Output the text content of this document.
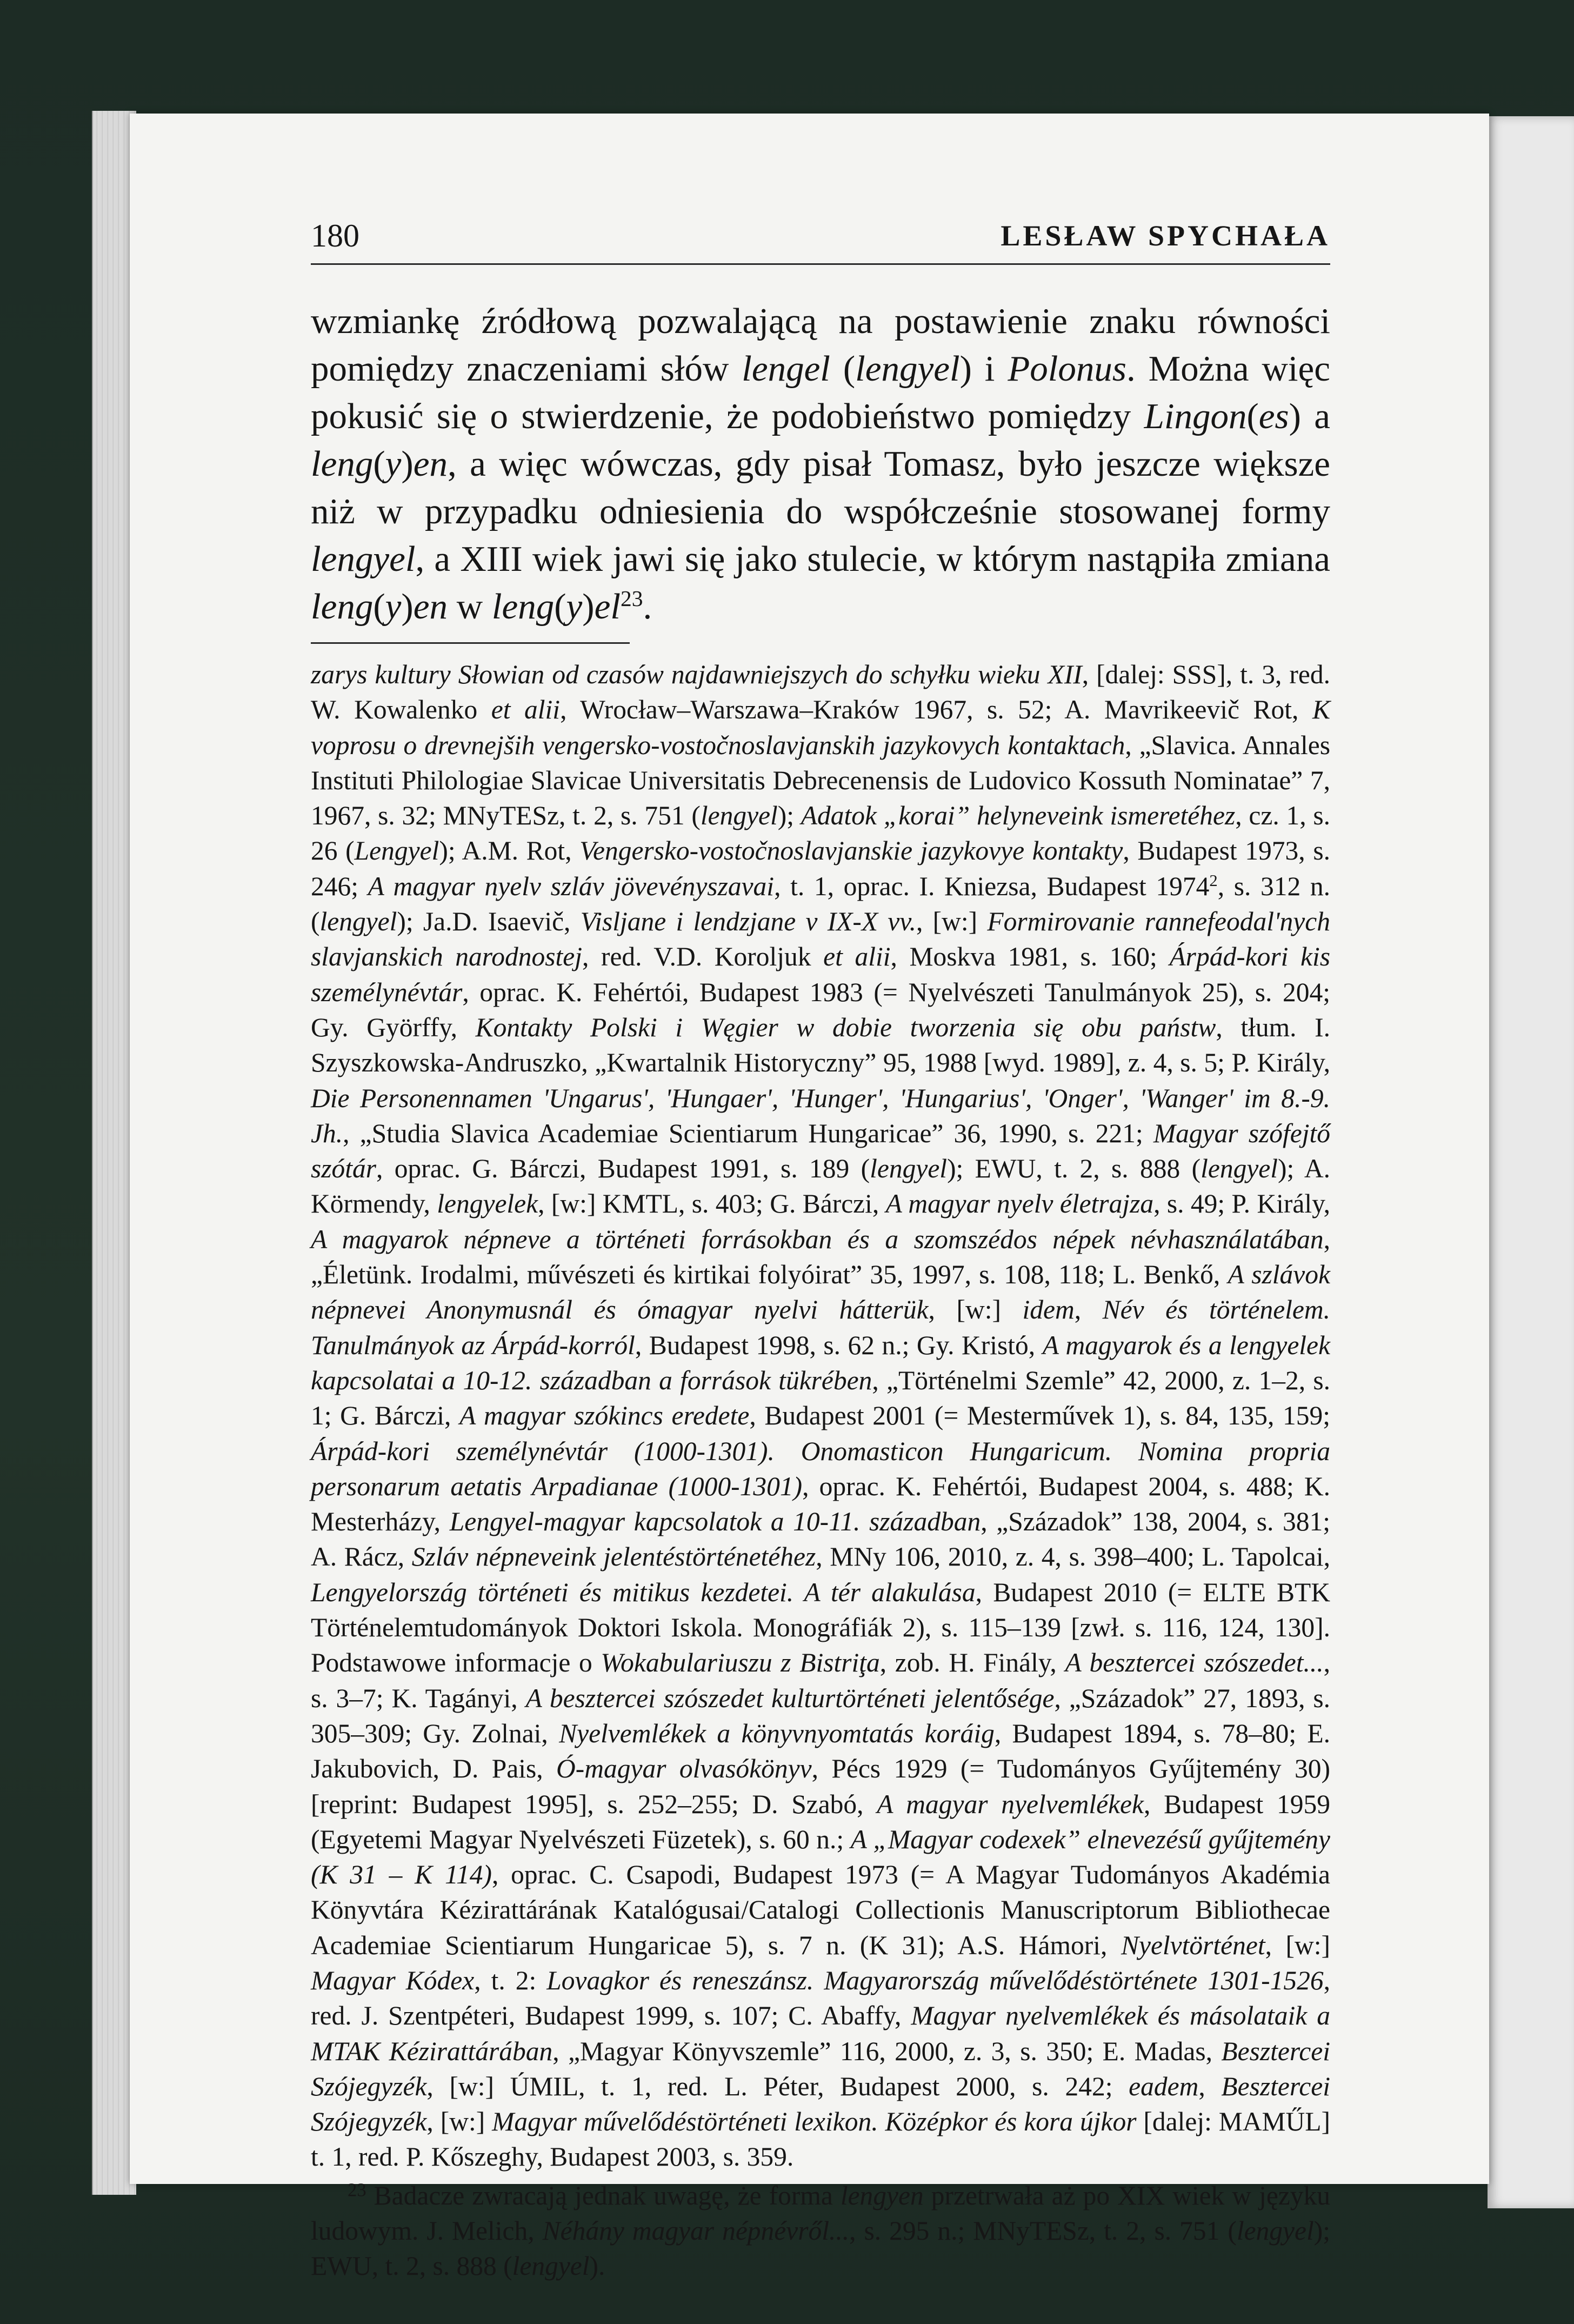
180	LESŁAW SPYCHAŁA

wzmiankę źródłową pozwalającą na postawienie znaku równości pomiędzy znaczeniami słów lengel (lengyel) i Polonus. Można więc pokusić się o stwierdzenie, że podobieństwo pomiędzy Lingon(es) a leng(y)en, a więc wówczas, gdy pisał Tomasz, było jeszcze większe niż w przypadku odniesienia do współcześnie stosowanej formy lengyel, a XIII wiek jawi się jako stulecie, w którym nastąpiła zmiana leng(y)en w $leng(y)el^{23}$.

zarys kultury Słowian od czasów najdawniejszych do schyłku wieku XII, [dalej: SSS], t. 3, red. W. Kowalenko et alii, Wrocław–Warszawa–Kraków 1967, s. 52; A. Mavrikeevič Rot, K voprosu o drevnejših vengersko-vostočnoslavjanskih jazykovych kontaktach, „Slavica. Annales Instituti Philologiae Slavicae Universitatis Debrecenensis de Ludovico Kossuth Nominatae” 7, 1967, s. 32; MNyTESz, t. 2, s. 751 (lengyel); Adatok „korai” helyneveink ismeretéhez, cz. 1, s. 26 (Lengyel); A.M. Rot, Vengersko-vostočnoslavjanskie jazykovye kontakty, Budapest 1973, s. 246; A magyar nyelv szláv jövevényszavai, t. 1, oprac. I. Kniezsa, Budapest 1974$^2$, s. 312 n. (lengyel); Ja.D. Isaevič, Visljane i lendzjane v IX-X vv., [w:] Formirovanie rannefeodal'nych slavjanskich narodnostej, red. V.D. Koroljuk et alii, Moskva 1981, s. 160; Árpád-kori kis személynévtár, oprac. K. Fehértói, Budapest 1983 (= Nyelvészeti Tanulmányok 25), s. 204; Gy. Györffy, Kontakty Polski i Węgier w dobie tworzenia się obu państw, tłum. I. Szyszkowska-Andruszko, „Kwartalnik Historyczny” 95, 1988 [wyd. 1989], z. 4, s. 5; P. Király, Die Personennamen 'Ungarus', 'Hungaer', 'Hunger', 'Hungarius', 'Onger', 'Wanger' im 8.-9. Jh., „Studia Slavica Academiae Scientiarum Hungaricae” 36, 1990, s. 221; Magyar szófejtő szótár, oprac. G. Bárczi, Budapest 1991, s. 189 (lengyel); EWU, t. 2, s. 888 (lengyel); A. Körmendy, lengyelek, [w:] KMTL, s. 403; G. Bárczi, A magyar nyelv életrajza, s. 49; P. Király, A magyarok népneve a történeti forrásokban és a szomszédos népek névhasználatában, „Életünk. Irodalmi, művészeti és kirtikai folyóirat” 35, 1997, s. 108, 118; L. Benkő, A szlávok népnevei Anonymusnál és ómagyar nyelvi hátterük, [w:] idem, Név és történelem. Tanulmányok az Árpád-korról, Budapest 1998, s. 62 n.; Gy. Kristó, A magyarok és a lengyelek kapcsolatai a 10-12. században a források tükrében, „Történelmi Szemle” 42, 2000, z. 1–2, s. 1; G. Bárczi, A magyar szókincs eredete, Budapest 2001 (= Mesterművek 1), s. 84, 135, 159; Árpád-kori személynévtár (1000-1301). Onomasticon Hungaricum. Nomina propria personarum aetatis Arpadianae (1000-1301), oprac. K. Fehértói, Budapest 2004, s. 488; K. Mesterházy, Lengyel-magyar kapcsolatok a 10-11. században, „Századok” 138, 2004, s. 381; A. Rácz, Szláv népneveink jelentéstörténetéhez, MNy 106, 2010, z. 4, s. 398–400; L. Tapolcai, Lengyelország történeti és mitikus kezdetei. A tér alakulása, Budapest 2010 (= ELTE BTK Történelemtudományok Doktori Iskola. Monográfiák 2), s. 115–139 [zwł. s. 116, 124, 130]. Podstawowe informacje o Wokabulariuszu z Bistriţa, zob. H. Finály, A besztercei szószedet..., s. 3–7; K. Tagányi, A besztercei szószedet kulturtörténeti jelentősége, „Századok” 27, 1893, s. 305–309; Gy. Zolnai, Nyelvemlékek a könyvnyomtatás koráig, Budapest 1894, s. 78–80; E. Jakubovich, D. Pais, Ó-magyar olvasókönyv, Pécs 1929 (= Tudományos Gyűjtemény 30) [reprint: Budapest 1995], s. 252–255; D. Szabó, A magyar nyelvemlékek, Budapest 1959 (Egyetemi Magyar Nyelvészeti Füzetek), s. 60 n.; A „Magyar codexek” elnevezésű gyűjtemény (K 31 – K 114), oprac. C. Csapodi, Budapest 1973 (= A Magyar Tudományos Akadémia Könyvtára Kézirattárának Katalógusai/Catalogi Collectionis Manuscriptorum Bibliothecae Academiae Scientiarum Hungaricae 5), s. 7 n. (K 31); A.S. Hámori, Nyelvtörténet, [w:] Magyar Kódex, t. 2: Lovagkor és reneszánsz. Magyarország művelődéstörténete 1301-1526, red. J. Szentpéteri, Budapest 1999, s. 107; C. Abaffy, Magyar nyelvemlékek és másolataik a MTAK Kézirattárában, „Magyar Könyvszemle” 116, 2000, z. 3, s. 350; E. Madas, Besztercei Szójegyzék, [w:] ÚMIL, t. 1, red. L. Péter, Budapest 2000, s. 242; eadem, Besztercei Szójegyzék, [w:] Magyar művelődéstörténeti lexikon. Középkor és kora újkor [dalej: MAMŰL] t. 1, red. P. Kőszeghy, Budapest 2003, s. 359.

$^{23}$ Badacze zwracają jednak uwagę, że forma lengyen przetrwała aż po XIX wiek w języku ludowym. J. Melich, Néhány magyar népnévről..., s. 295 n.; MNyTESz, t. 2, s. 751 (lengyel); EWU, t. 2, s. 888 (lengyel).
